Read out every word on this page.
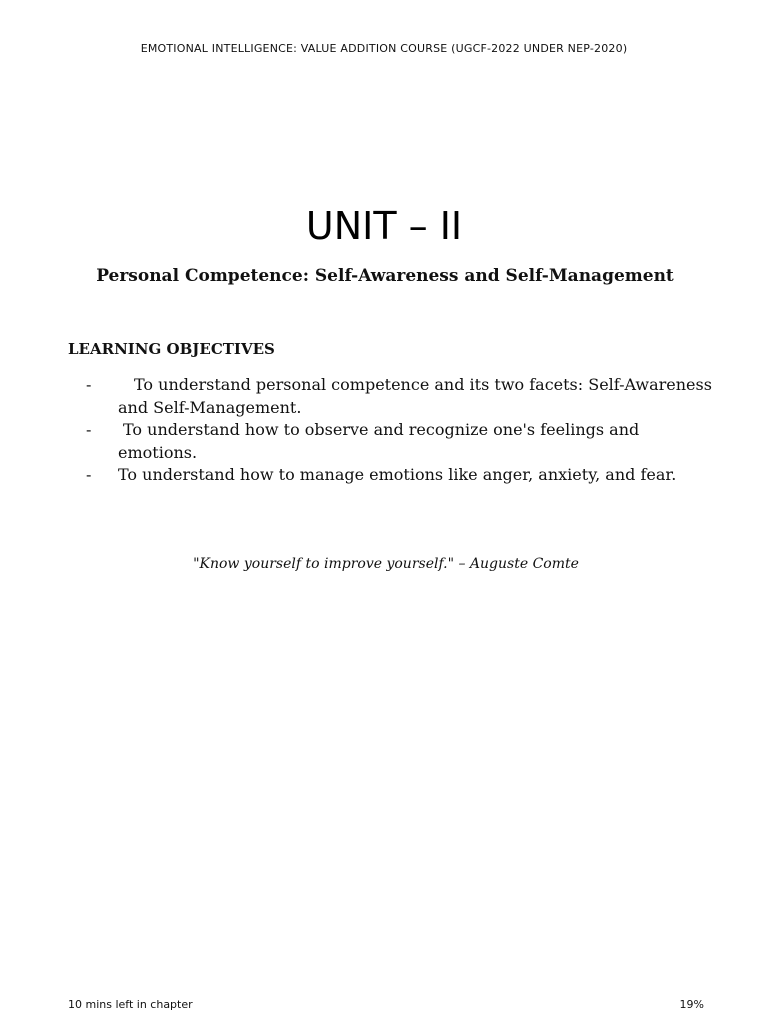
EMOTIONAL INTELLIGENCE: VALUE ADDITION COURSE (UGCF-2022 UNDER NEP-2020)
UNIT – II
Personal Competence: Self-Awareness and Self-Management
LEARNING OBJECTIVES
-	To understand personal competence and its two facets: Self-Awareness and Self-Management.
-	To understand how to observe and recognize one's feelings and emotions.
-	To understand how to manage emotions like anger, anxiety, and fear.
"Know yourself to improve yourself." – Auguste Comte
10 mins left in chapter	19%
